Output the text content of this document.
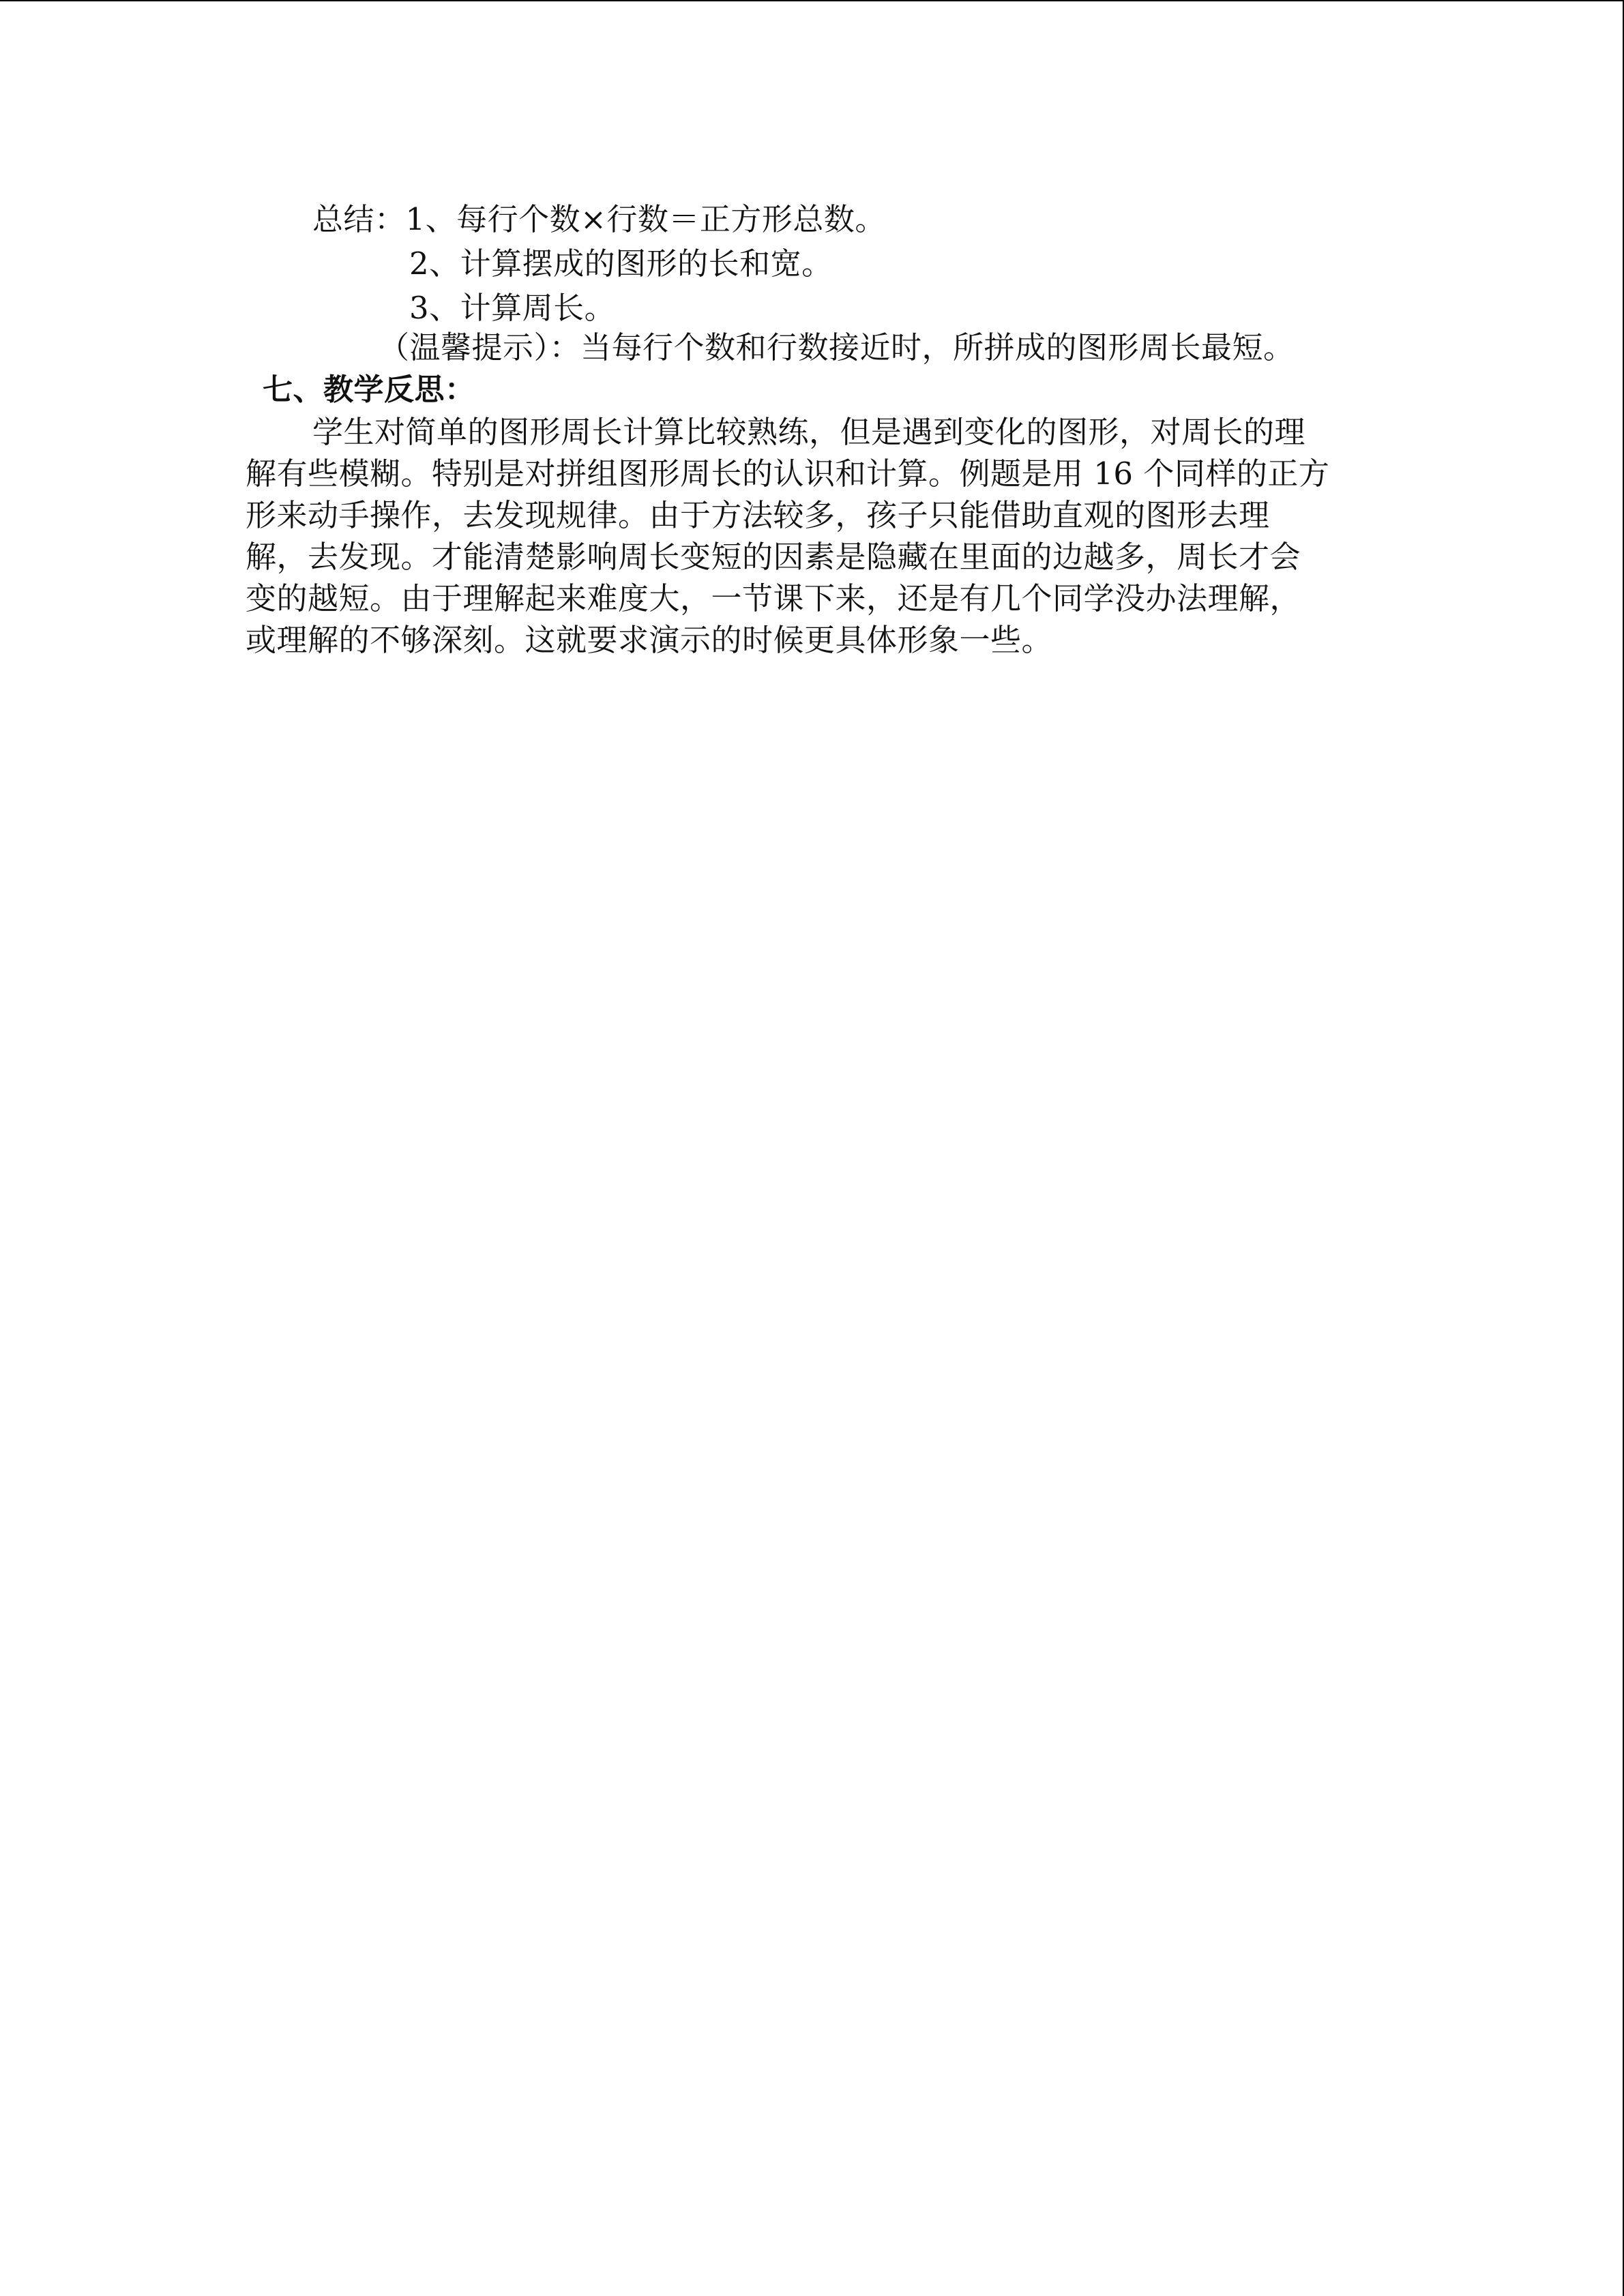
总结：1、每行个数×行数＝正方形总数。
2、计算摆成的图形的长和宽。
3、计算周长。
（温馨提示）：当每行个数和行数接近时，所拼成的图形周长最短。
七、教学反思：
学生对简单的图形周长计算比较熟练，但是遇到变化的图形，对周长的理
解有些模糊。特别是对拼组图形周长的认识和计算。例题是用 16 个同样的正方
形来动手操作，去发现规律。由于方法较多，孩子只能借助直观的图形去理
解，去发现。才能清楚影响周长变短的因素是隐藏在里面的边越多，周长才会
变的越短。由于理解起来难度大，一节课下来，还是有几个同学没办法理解，
或理解的不够深刻。这就要求演示的时候更具体形象一些。
